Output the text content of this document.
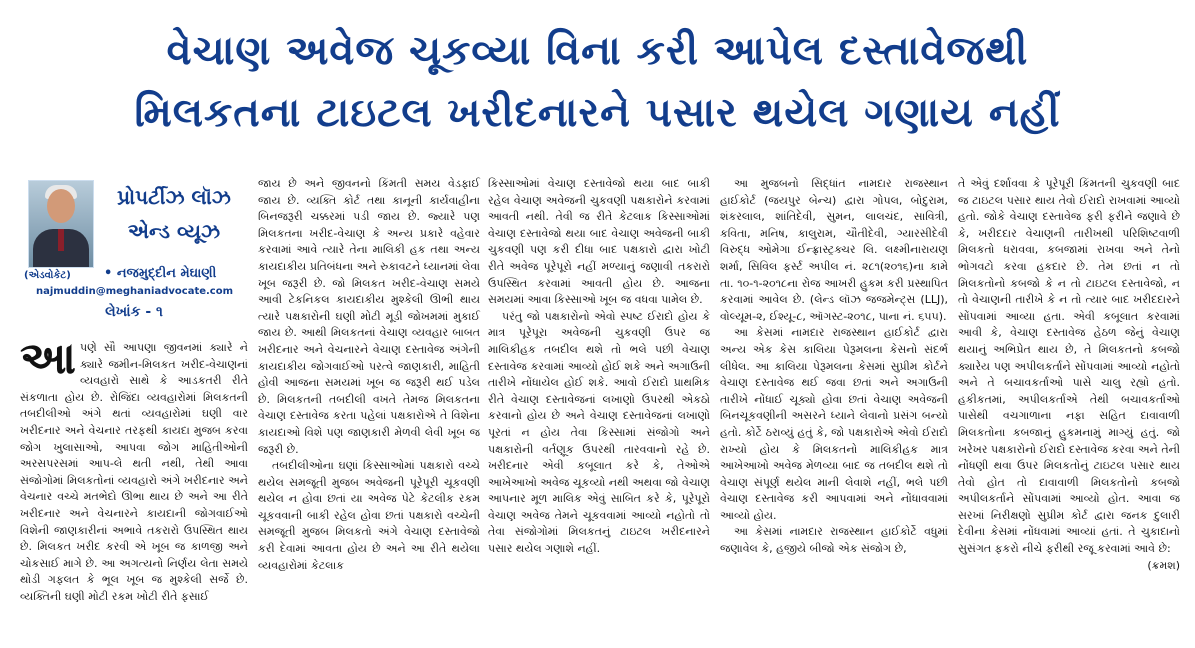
વેચાણ અવેજ ચૂકવ્યા વિના કરી આપેલ દસ્તાવેજથી
મિલકતના ટાઇટલ ખરીદનારને પસાર થયેલ ગણાય નહીં
પ્રોપર્ટીઝ લૉઝ
એન્ડ વ્યૂઝ
(એડવોકેટ)	• નજમુદ્દીન મેઘાણી
najmuddin@meghaniadvocate.com
લેખાંક - ૧

આપણે સૌ આપણા જીવનમાં ક્યારે ને ક્યારે જમીન-મિલકત ખરીદ-વેચાણનાં વ્યવહારો સાથે કે આડકતરી રીતે સંકળાતા હોય છે. રોજિંદા વ્યવહારોમાં મિલકતની તબદીલીઓ અંગે થતાં વ્યવહારોમાં ઘણી વાર ખરીદનાર અને વેચનાર તરફથી કાયદા મુજબ કરવા જોગ ખુલાસાઓ, આપવા જોગ માહિતીઓની અરસપરસમાં આપ-લે થતી નથી, તેથી આવા સંજોગોમાં મિલકતોનાં વ્યવહારો અંગે ખરીદનાર અને વેચનાર વચ્ચે મતભેદો ઊભા થાય છે અને આ રીતે ખરીદનાર અને વેચનારને કાયદાની જોગવાઈઓ વિશેની જાણકારીનાં અભાવે તકરારો ઉપસ્થિત થાય છે. મિલકત ખરીદ કરવી એ ખૂબ જ કાળજી અને ચોકસાઈ માગે છે. આ અગત્યનો નિર્ણય લેતા સમયે થોડી ગફલત કે ભૂલ ખૂબ જ મુશ્કેલી સર્જે છે. વ્યક્તિની ઘણી મોટી રકમ ખોટી રીતે ફસાઈ

જાય છે અને જીવનનો કિંમતી સમય વેડફાઈ જાય છે. વ્યક્તિ કોર્ટ તથા કાનૂની કાર્યવાહીના બિનજરૂરી ચક્કરમાં પડી જાય છે. જ્યારે પણ મિલકતના ખરીદ-વેચાણ કે અન્ય પ્રકારે વહેવાર કરવામાં આવે ત્યારે તેના માલિકી હક તથા અન્ય કાયદાકીય પ્રતિબંધના અને રુકાવટને ધ્યાનમાં લેવા ખૂબ જરૂરી છે. જો મિલકત ખરીદ-વેચાણ સમયે આવી ટેકનિકલ કાયદાકીય મુશ્કેલી ઊભી થાય ત્યારે પક્ષકારોની ઘણી મોટી મૂડી જોખમમાં મુકાઈ જાય છે. આથી મિલકતનાં વેચાણ વ્યવહાર બાબત ખરીદનાર અને વેચનારને વેચાણ દસ્તાવેજ અંગેની કાયદાકીય જોગવાઈઓ પરત્વે જાણકારી, માહિતી હોવી આજના સમયમાં ખૂબ જ જરૂરી થઈ પડેલ છે. મિલકતની તબદીલી વખતે તેમજ મિલકતના વેચાણ દસ્તાવેજ કરતા પહેલાં પક્ષકારોએ તે વિશેના કાયદાઓ વિશે પણ જાણકારી મેળવી લેવી ખૂબ જ જરૂરી છે.

તબદીલીઓના ઘણાં કિસ્સાઓમાં પક્ષકારો વચ્ચે થયેલ સમજૂતી મુજબ અવેજની પૂરેપૂરી ચૂકવણી થયેલ ન હોવા છતાં યા અવેજ પેટે કેટલીક રકમ ચૂકવવાની બાકી રહેલ હોવા છતાં પક્ષકારો વચ્ચેની સમજૂતી મુજબ મિલકતો અંગે વેચાણ દસ્તાવેજો કરી દેવામાં આવતા હોય છે અને આ રીતે થયેલા વ્યવહારોમાં કેટલાક

કિસ્સાઓમાં વેચાણ દસ્તાવેજો થયા બાદ બાકી રહેલ વેચાણ અવેજની ચુકવણી પક્ષકારોને કરવામાં આવતી નથી. તેવી જ રીતે કેટલાક કિસ્સાઓમાં વેચાણ દસ્તાવેજો થયા બાદ વેચાણ અવેજની બાકી ચુકવણી પણ કરી દીધા બાદ પક્ષકારો દ્વારા ખોટી રીતે અવેજ પૂરેપૂરો નહીં મળ્યાનું જણાવી તકરારો ઉપસ્થિત કરવામાં આવતી હોય છે. આજના સમયમાં આવા કિસ્સાઓ ખૂબ જ વધવા પામેલ છે.

પરંતુ જો પક્ષકારોનો એવો સ્પષ્ટ ઈરાદો હોય કે માત્ર પૂરેપૂરા અવેજની ચુકવણી ઉપર જ માલિકીહક તબદીલ થશે તો ભલે પછી વેચાણ દસ્તાવેજ કરવામાં આવ્યો હોઈ શકે અને અગાઉની તારીખે નોંધાયેલ હોઈ શકે. આવો ઈરાદો પ્રાથમિક રીતે વેચાણ દસ્તાવેજનાં લખાણો ઉપરથી એકઠો કરવાનો હોય છે અને વેચાણ દસ્તાવેજનાં લખાણો પૂરતાં ન હોય તેવા કિસ્સામાં સંજોગો અને પક્ષકારોની વર્તણૂક ઉપરથી તારવવાનો રહે છે. ખરીદનાર એવી કબૂલાત કરે કે, તેઓએ આખેઆખો અવેજ ચૂકવ્યો નથી અથવા જો વેચાણ આપનાર મૂળ માલિક એવું સાબિત કરે કે, પૂરેપૂરો વેચાણ અવેજ તેમને ચૂકવવામાં આવ્યો નહોતો તો તેવા સંજોગોમાં મિલકતનું ટાઇટલ ખરીદનારને પસાર થયેલ ગણાશે નહીં.

આ મુજબનો સિદ્ધાંત નામદાર રાજસ્થાન હાઈકોર્ટ (જયપુર બેન્ચ) દ્વારા ગોપલ, બોદુરામ, શંકરલાલ, શાંતિદેવી, સુમન, લાલચંદ, સાવિત્રી, કવિતા, મનિષ, કાલુરામ, ચૌતીદેવી, ગ્યારસીદેવી વિરુદ્ધ ઓમેગા ઈન્ફ્રાસ્ટ્રક્ચર લિ. લક્ષ્મીનારાયણ શર્મા, સિવિલ ફર્સ્ટ અપીલ નં. ૨૮૧(૨૦૧૬)ના કામે તા. ૧૦-૧-૨૦૧૮ના રોજ આખરી હુકમ કરી પ્રસ્થાપિત કરવામાં આવેલ છે. (લેન્ડ લૉઝ જજમેન્ટ્સ (LLJ), વોલ્યૂમ-૨, ઈશ્યૂ-૮, ઑગસ્ટ-૨૦૧૮, પાના નં. ૬૫૫).

આ કેસમાં નામદાર રાજસ્થાન હાઈકોર્ટ દ્વારા અન્ય એક કેસ કાલિયા પેરૂમલના કેસનો સંદર્ભ લીધેલ. આ કાલિયા પેરૂમલના કેસમાં સુપ્રીમ કોર્ટને વેચાણ દસ્તાવેજ થઈ જવા છતાં અને અગાઉની તારીખે નોંધાઈ ચૂક્યો હોવા છતાં વેચાણ અવેજની બિનચૂકવણીની અસરને ધ્યાને લેવાનો પ્રસંગ બન્યો હતો. કોર્ટે ઠરાવ્યું હતું કે, જો પક્ષકારોએ એવો ઈરાદો રાખ્યો હોય કે મિલકતનો માલિકીહક માત્ર આખેઆખો અવેજ મેળવ્યા બાદ જ તબદીલ થશે તો વેચાણ સંપૂર્ણ થયેલ માની લેવાશે નહીં, ભલે પછી વેચાણ દસ્તાવેજ કરી આપવામાં અને નોંધાવવામાં આવ્યો હોય.

આ કેસમાં નામદાર રાજસ્થાન હાઈકોર્ટે વધુમાં જણાવેલ કે, હજીયે બીજો એક સંજોગ છે,

તે એવું દર્શાવવા કે પૂરેપૂરી કિંમતની ચુકવણી બાદ જ ટાઇટલ પસાર થાય તેવો ઈરાદો રાખવામાં આવ્યો હતો. જોકે વેચાણ દસ્તાવેજ ફરી ફરીને જણાવે છે કે, ખરીદદાર વેચાણની તારીખથી પરિશિષ્ટવાળી મિલકતો ધરાવવા, કબજામાં રાખવા અને તેનો ભોગવટો કરવા હકદાર છે. તેમ છતાં ન તો મિલકતોનો કબજો કે ન તો ટાઇટલ દસ્તાવેજો, ન તો વેચાણની તારીખે કે ન તો ત્યાર બાદ ખરીદદારને સોંપવામાં આવ્યા હતા. એવી કબૂલાત કરવામાં આવી કે, વેચાણ દસ્તાવેજ હેઠળ જેનું વેચાણ થયાનું અભિપ્રેત થાય છે, તે મિલકતનો કબજો ક્યારેય પણ અપીલકર્તાને સોંપવામાં આવ્યો નહોતો અને તે બચાવકર્તાઓ પાસે ચાલુ રહ્યો હતો. હકીકતમાં, અપીલકર્તાએ તેથી બચાવકર્તાઓ પાસેથી વચગાળાના નફા સહિત દાવાવાળી મિલકતોના કબજાનું હુકમનામું માગ્યું હતું. જો ખરેખર પક્ષકારોનો ઈરાદો દસ્તાવેજ કરવા અને તેની નોંધણી થવા ઉપર મિલકતોનું ટાઇટલ પસાર થાય તેવો હોત તો દાવાવાળી મિલકતોનો કબજો અપીલકર્તાને સોંપવામાં આવ્યો હોત. આવા જ સરખાં નિરીક્ષણો સુપ્રીમ કોર્ટ દ્વારા જનક દુલારી દેવીના કેસમાં નોંધવામાં આવ્યાં હતાં. તે ચુકાદાનો સુસંગત ફકરો નીચે ફરીથી રજૂ કરવામાં આવે છે:

(ક્રમશ)
